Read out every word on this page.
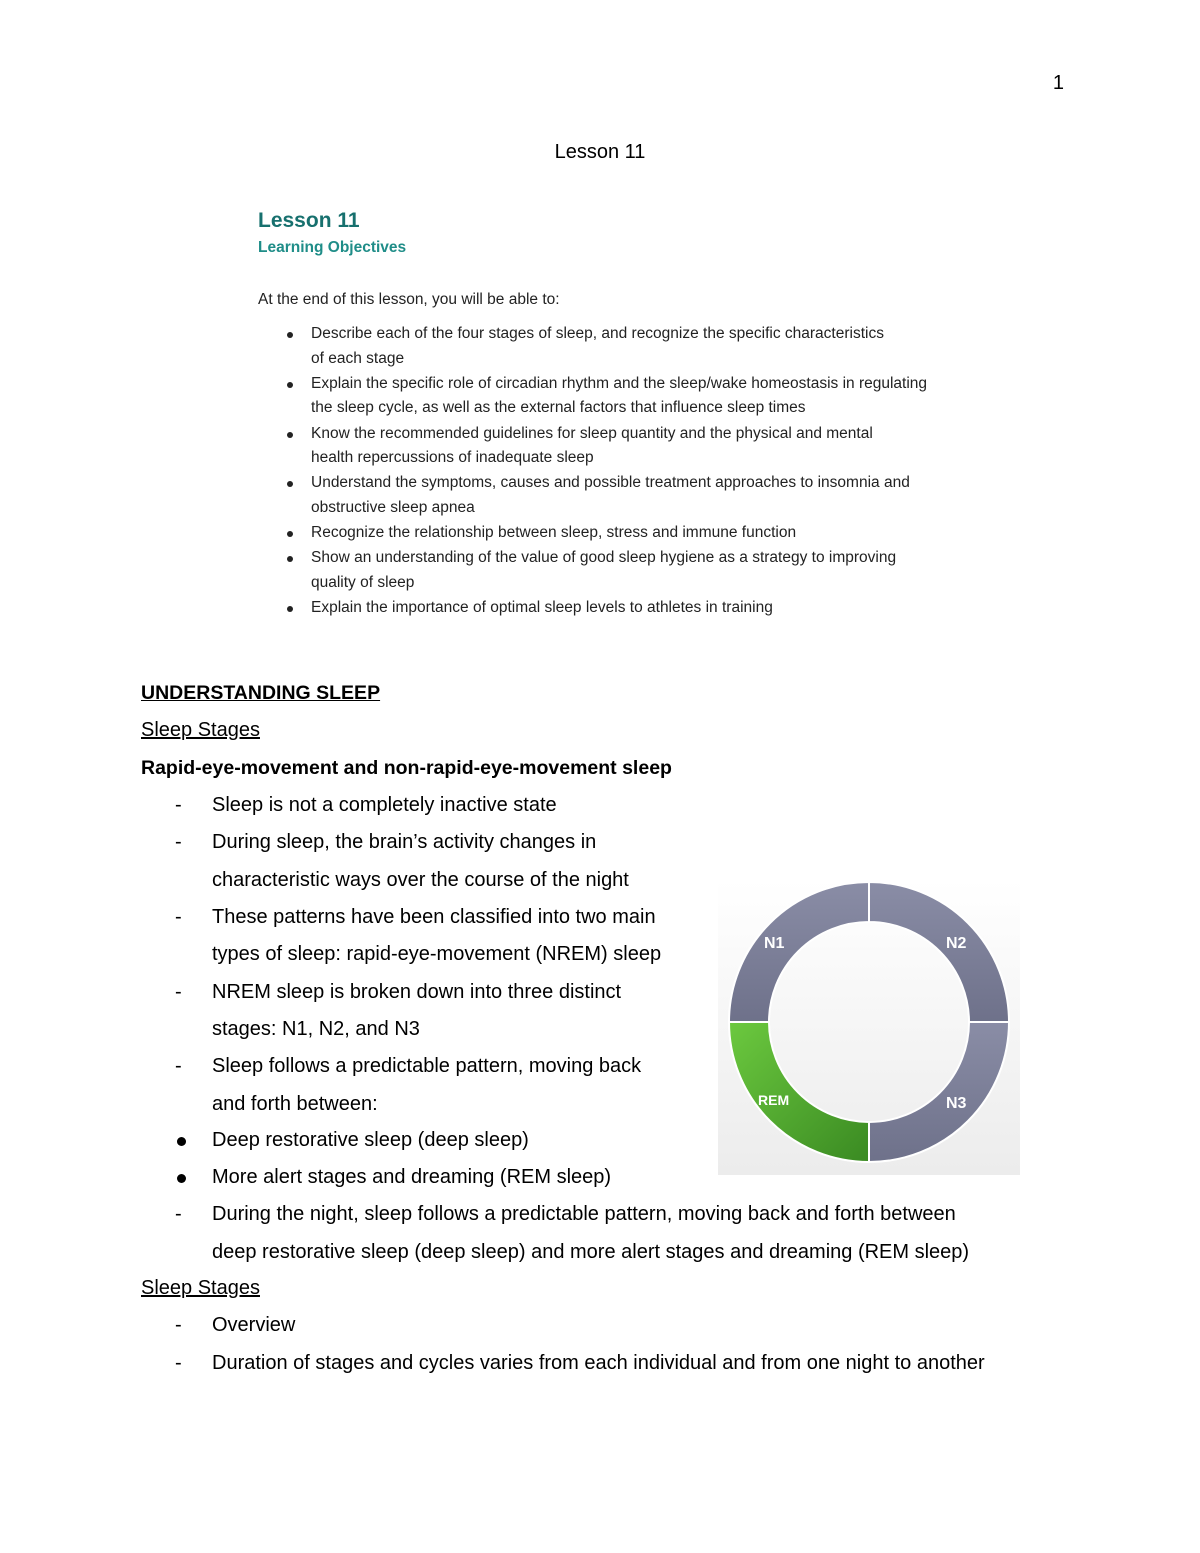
1
Lesson 11
Lesson 11
Learning Objectives
At the end of this lesson, you will be able to:
Describe each of the four stages of sleep, and recognize the specific characteristics of each stage
Explain the specific role of circadian rhythm and the sleep/wake homeostasis in regulating the sleep cycle, as well as the external factors that influence sleep times
Know the recommended guidelines for sleep quantity and the physical and mental health repercussions of inadequate sleep
Understand the symptoms, causes and possible treatment approaches to insomnia and obstructive sleep apnea
Recognize the relationship between sleep, stress and immune function
Show an understanding of the value of good sleep hygiene as a strategy to improving quality of sleep
Explain the importance of optimal sleep levels to athletes in training
UNDERSTANDING SLEEP
Sleep Stages
Rapid-eye-movement and non-rapid-eye-movement sleep
- Sleep is not a completely inactive state
- During sleep, the brain’s activity changes in
characteristic ways over the course of the night
- These patterns have been classified into two main
types of sleep: rapid-eye-movement (NREM) sleep
- NREM sleep is broken down into three distinct
stages: N1, N2, and N3
- Sleep follows a predictable pattern, moving back
and forth between:
Deep restorative sleep (deep sleep)
More alert stages and dreaming (REM sleep)
- During the night, sleep follows a predictable pattern, moving back and forth between
deep restorative sleep (deep sleep) and more alert stages and dreaming (REM sleep)
Sleep Stages
- Overview
- Duration of stages and cycles varies from each individual and from one night to another
N1	N2
N3
REM
